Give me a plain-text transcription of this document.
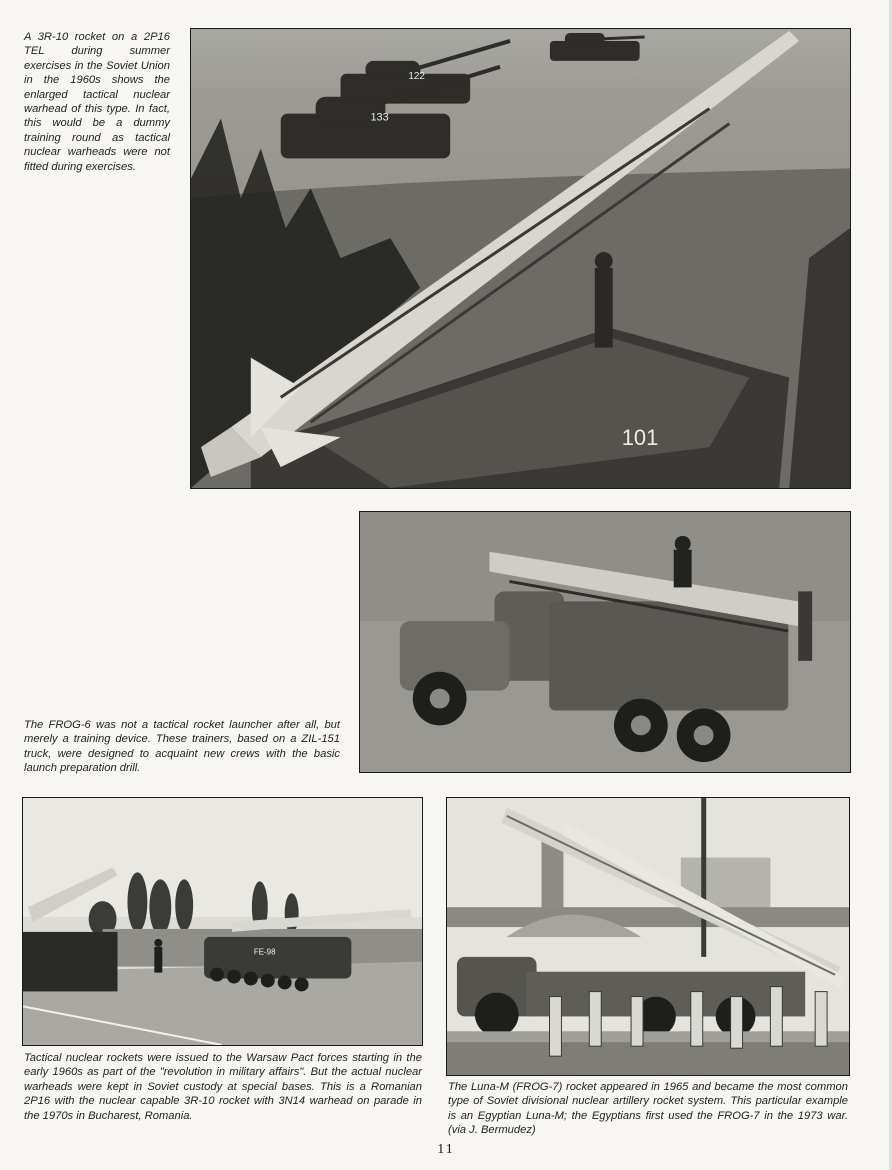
A 3R-10 rocket on a 2P16 TEL during summer exercises in the Soviet Union in the 1960s shows the enlarged tactical nuclear warhead of this type. In fact, this would be a dummy training round as tactical nuclear warheads were not fitted during exercises.

122
133
101

The FROG-6 was not a tactical rocket launcher after all, but merely a training device. These trainers, based on a ZIL-151 truck, were designed to acquaint new crews with the basic launch preparation drill.

FE-98

Tactical nuclear rockets were issued to the Warsaw Pact forces starting in the early 1960s as part of the "revolution in military affairs". But the actual nuclear warheads were kept in Soviet custody at special bases. This is a Romanian 2P16 with the nuclear capable 3R-10 rocket with 3N14 warhead on parade in the 1970s in Bucharest, Romania.

The Luna-M (FROG-7) rocket appeared in 1965 and became the most common type of Soviet divisional nuclear artillery rocket system. This particular example is an Egyptian Luna-M; the Egyptians first used the FROG-7 in the 1973 war. (via J. Bermudez)

11
